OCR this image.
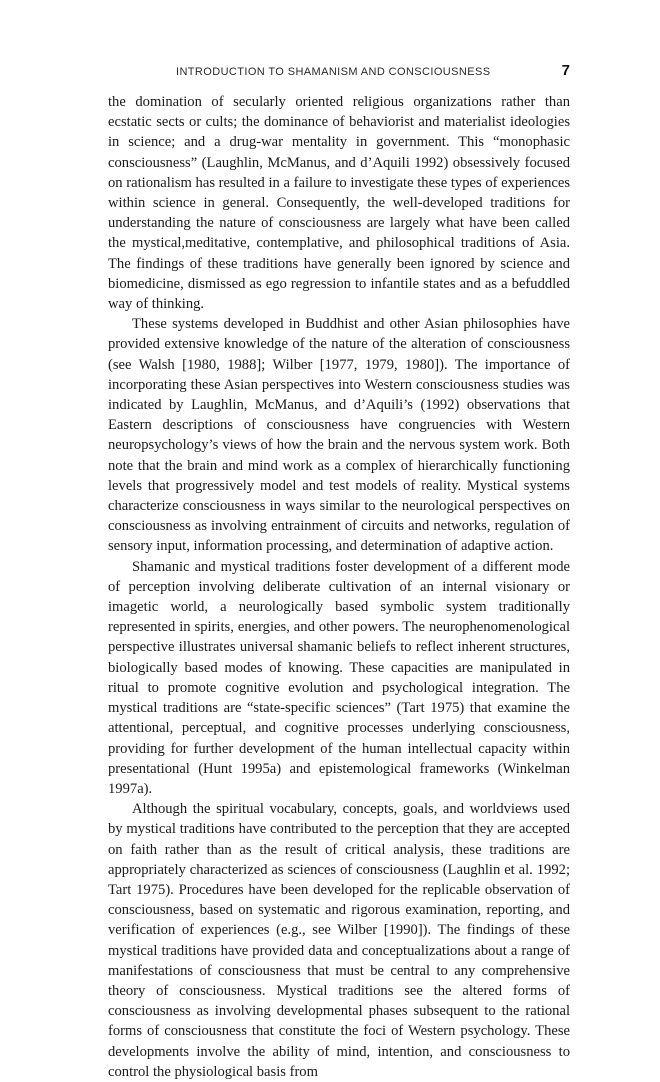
INTRODUCTION TO SHAMANISM AND CONSCIOUSNESS	7

the domination of secularly oriented religious organizations rather than ecstatic sects or cults; the dominance of behaviorist and materialist ideologies in science; and a drug-war mentality in government. This “monophasic consciousness” (Laughlin, McManus, and d’Aquili 1992) obsessively focused on rationalism has resulted in a failure to investigate these types of experiences within science in general. Consequently, the well-developed traditions for understanding the nature of consciousness are largely what have been called the mystical,meditative, contemplative, and philosophical traditions of Asia. The findings of these traditions have generally been ignored by science and biomedicine, dismissed as ego regression to infantile states and as a befuddled way of thinking.

These systems developed in Buddhist and other Asian philosophies have provided extensive knowledge of the nature of the alteration of consciousness (see Walsh [1980, 1988]; Wilber [1977, 1979, 1980]). The importance of incorporating these Asian perspectives into Western consciousness studies was indicated by Laughlin, McManus, and d’Aquili’s (1992) observations that Eastern descriptions of consciousness have congruencies with Western neuropsychology’s views of how the brain and the nervous system work. Both note that the brain and mind work as a complex of hierarchically functioning levels that progressively model and test models of reality. Mystical systems characterize consciousness in ways similar to the neurological perspectives on consciousness as involving entrainment of circuits and networks, regulation of sensory input, information processing, and determination of adaptive action.

Shamanic and mystical traditions foster development of a different mode of perception involving deliberate cultivation of an internal visionary or imagetic world, a neurologically based symbolic system traditionally represented in spirits, energies, and other powers. The neurophenomenological perspective illustrates universal shamanic beliefs to reflect inherent structures, biologically based modes of knowing. These capacities are manipulated in ritual to promote cognitive evolution and psychological integration. The mystical traditions are “state-specific sciences” (Tart 1975) that examine the attentional, perceptual, and cognitive processes underlying consciousness, providing for further development of the human intellectual capacity within presentational (Hunt 1995a) and epistemological frameworks (Winkelman 1997a).

Although the spiritual vocabulary, concepts, goals, and worldviews used by mystical traditions have contributed to the perception that they are accepted on faith rather than as the result of critical analysis, these traditions are appropriately characterized as sciences of consciousness (Laughlin et al. 1992; Tart 1975). Procedures have been developed for the replicable observation of consciousness, based on systematic and rigorous examination, reporting, and verification of experiences (e.g., see Wilber [1990]). The findings of these mystical traditions have provided data and conceptualizations about a range of manifestations of consciousness that must be central to any comprehensive theory of consciousness. Mystical traditions see the altered forms of consciousness as involving developmental phases subsequent to the rational forms of consciousness that constitute the foci of Western psychology. These developments involve the ability of mind, intention, and consciousness to control the physiological basis from
